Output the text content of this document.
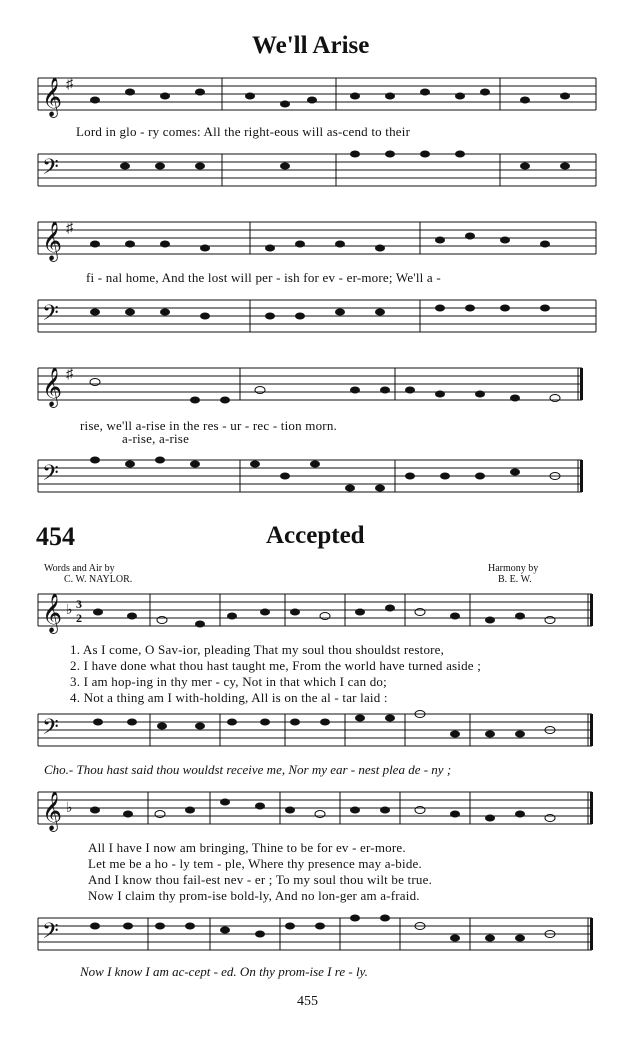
We'll Arise
𝄞 ♯
Lord in glo - ry comes: All the right-eous will as-cend to their
𝄢
𝄞 ♯
fi - nal home, And the lost will per - ish for ev - er-more; We'll a -
𝄢
𝄞 ♯
rise, we'll a-rise in the res - ur - rec - tion morn.
a-rise, a-rise
𝄢
454	Accepted
Words and Air by
C. W. NAYLOR.
Harmony by
B. E. W.
𝄞 ♭ 3
2
1. As I come, O Sav-ior, pleading That my soul thou shouldst restore,
2. I have done what thou hast taught me, From the world have turned aside ;
3. I am hop-ing in thy mer - cy, Not in that which I can do;
4. Not a thing am I with-holding, All is on the al - tar laid :
𝄢
Cho.- Thou hast said thou wouldst receive me, Nor my ear - nest plea de - ny ;
𝄞 ♭
All I have I now am bringing, Thine to be for ev - er-more.
Let me be a ho - ly tem - ple, Where thy presence may a-bide.
And I know thou fail-est nev - er ; To my soul thou wilt be true.
Now I claim thy prom-ise bold-ly, And no lon-ger am a-fraid.
𝄢
Now I know I am ac-cept - ed. On thy prom-ise I re - ly.
455
